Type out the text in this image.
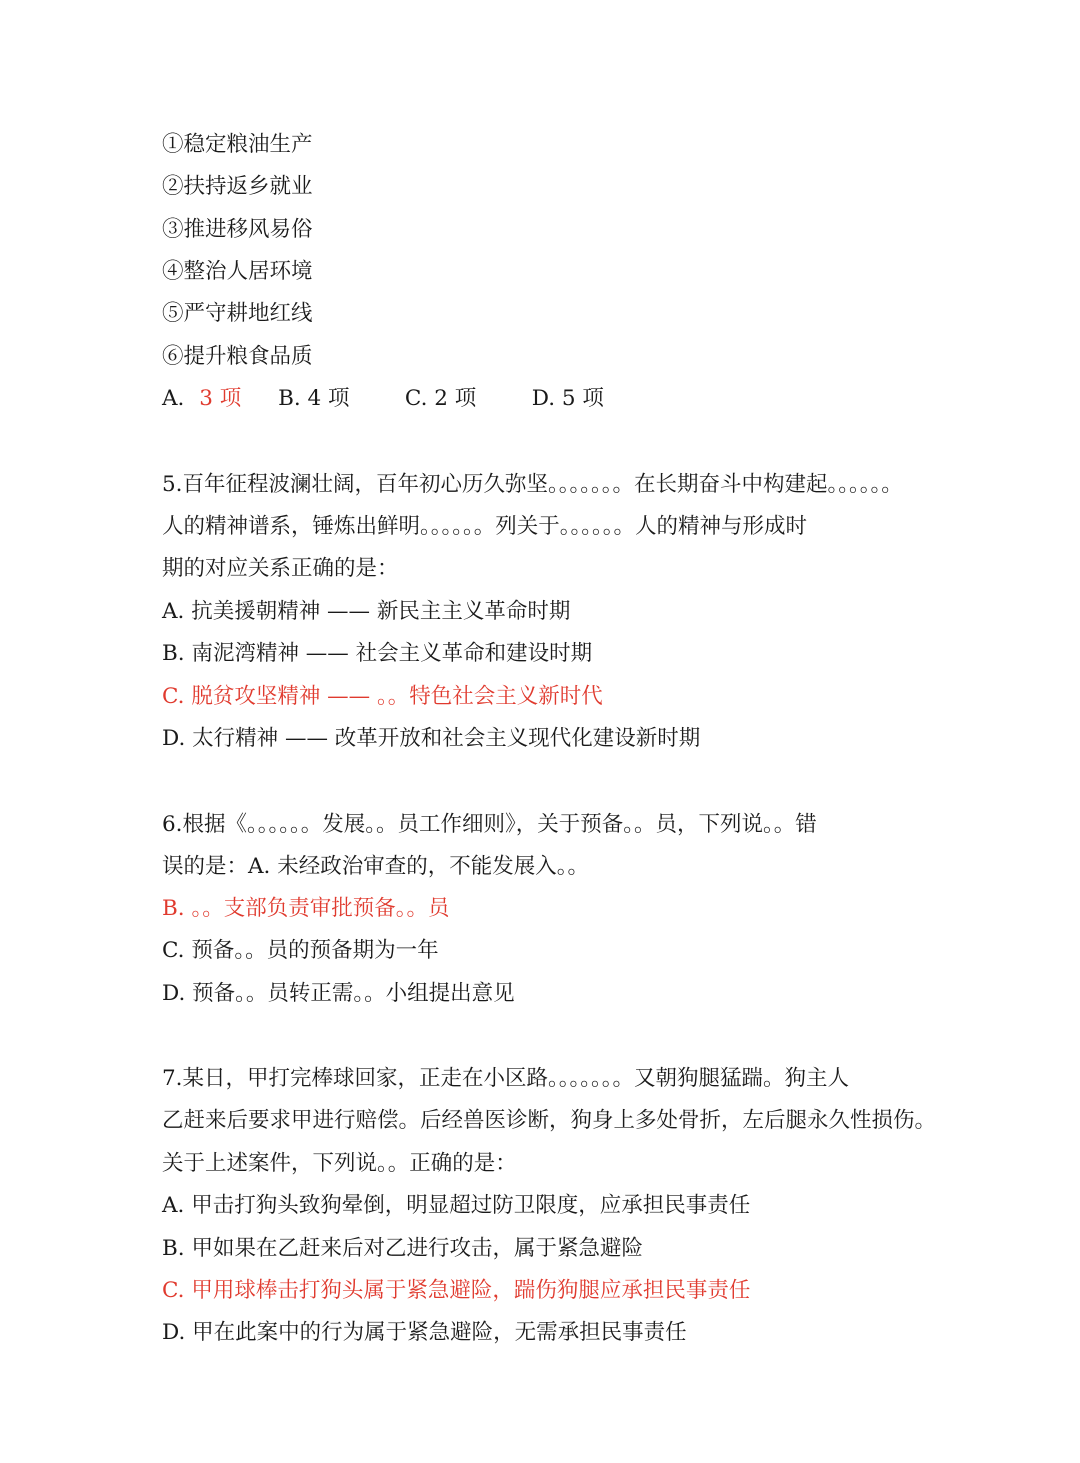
①稳定粮油生产
②扶持返乡就业
③推进移风易俗
④整治人居环境
⑤严守耕地红线
⑥提升粮食品质
A. 3 项 B. 4 项	C. 2 项	D. 5 项
5.百年征程波澜壮阔，百年初心历久弥坚。。。。。。。在长期奋斗中构建起。。。。。。
人的精神谱系，锤炼出鲜明。。。。。。列关于。。。。。。人的精神与形成时
期的对应关系正确的是：
A. 抗美援朝精神 —— 新民主主义革命时期
B. 南泥湾精神 —— 社会主义革命和建设时期
C. 脱贫攻坚精神 —— 。。特色社会主义新时代
D. 太行精神 —— 改革开放和社会主义现代化建设新时期
6.根据《。。。。。。发展。。员工作细则》，关于预备。。员，下列说。。错
误的是：A. 未经政治审查的，不能发展入。。
B. 。。支部负责审批预备。。员
C. 预备。。员的预备期为一年
D. 预备。。员转正需。。小组提出意见
7.某日，甲打完棒球回家，正走在小区路。。。。。。。又朝狗腿猛踹。狗主人
乙赶来后要求甲进行赔偿。后经兽医诊断，狗身上多处骨折，左后腿永久性损伤。
关于上述案件，下列说。。正确的是：
A. 甲击打狗头致狗晕倒，明显超过防卫限度，应承担民事责任
B. 甲如果在乙赶来后对乙进行攻击，属于紧急避险
C. 甲用球棒击打狗头属于紧急避险，踹伤狗腿应承担民事责任
D. 甲在此案中的行为属于紧急避险，无需承担民事责任
